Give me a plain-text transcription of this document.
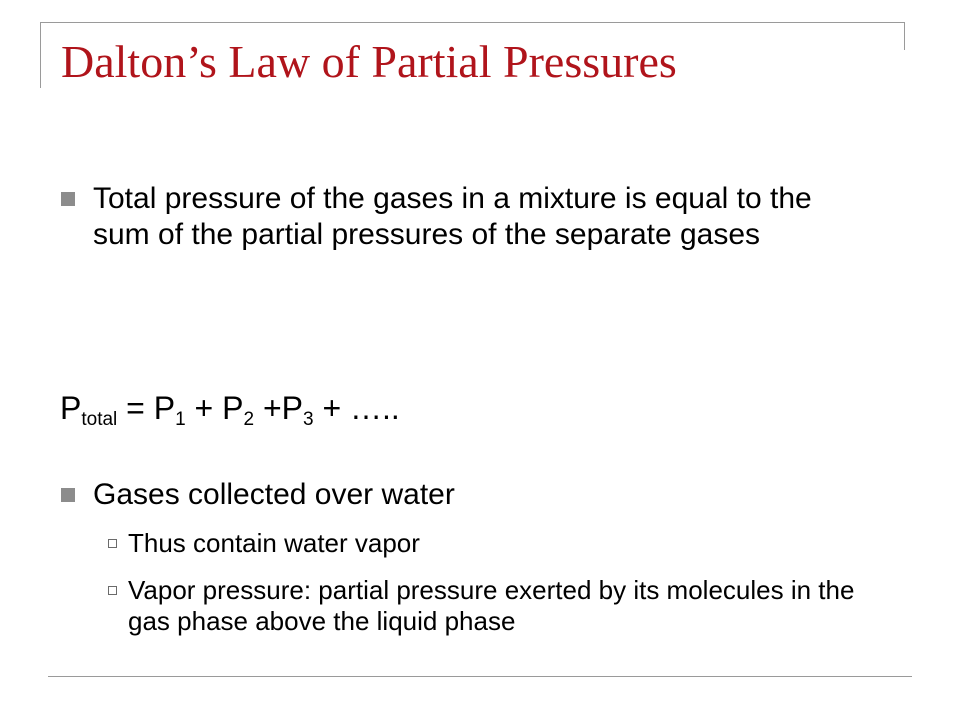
Dalton’s Law of Partial Pressures
Total pressure of the gases in a mixture is equal to the sum of the partial pressures of the separate gases
$P_{total} = P_1 + P_2 +P_3$ + …..
Gases collected over water
Thus contain water vapor
Vapor pressure: partial pressure exerted by its molecules in the gas phase above the liquid phase
